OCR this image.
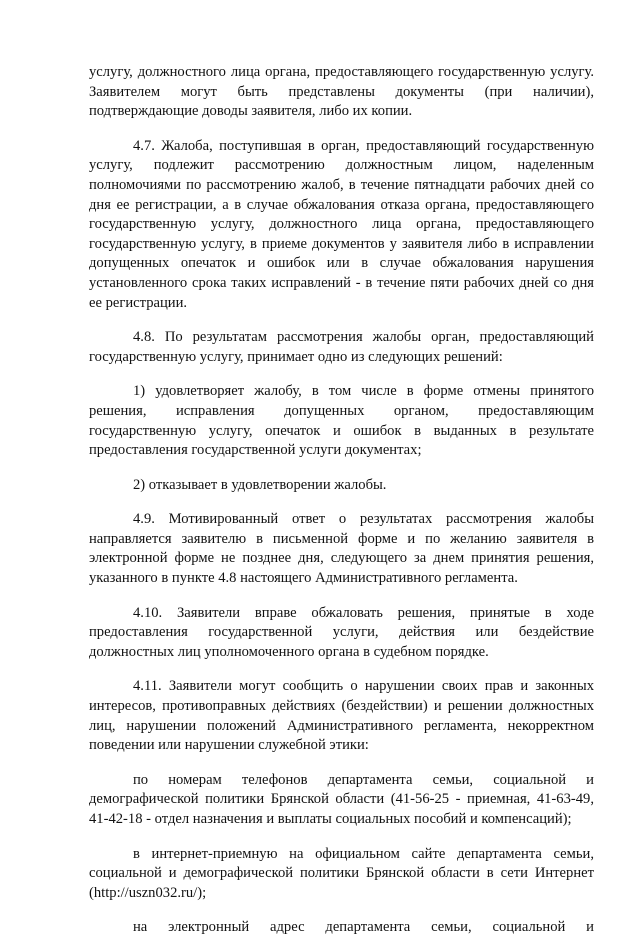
услугу, должностного лица органа, предоставляющего государственную услугу. Заявителем могут быть представлены документы (при наличии), подтверждающие доводы заявителя, либо их копии.

4.7. Жалоба, поступившая в орган, предоставляющий государственную услугу, подлежит рассмотрению должностным лицом, наделенным полномочиями по рассмотрению жалоб, в течение пятнадцати рабочих дней со дня ее регистрации, а в случае обжалования отказа органа, предоставляющего государственную услугу, должностного лица органа, предоставляющего государственную услугу, в приеме документов у заявителя либо в исправлении допущенных опечаток и ошибок или в случае обжалования нарушения установленного срока таких исправлений - в течение пяти рабочих дней со дня ее регистрации.

4.8. По результатам рассмотрения жалобы орган, предоставляющий государственную услугу, принимает одно из следующих решений:

1) удовлетворяет жалобу, в том числе в форме отмены принятого решения, исправления допущенных органом, предоставляющим государственную услугу, опечаток и ошибок в выданных в результате предоставления государственной услуги документах;

2) отказывает в удовлетворении жалобы.

4.9. Мотивированный ответ о результатах рассмотрения жалобы направляется заявителю в письменной форме и по желанию заявителя в электронной форме не позднее дня, следующего за днем принятия решения, указанного в пункте 4.8 настоящего Административного регламента.

4.10. Заявители вправе обжаловать решения, принятые в ходе предоставления государственной услуги, действия или бездействие должностных лиц уполномоченного органа в судебном порядке.

4.11. Заявители могут сообщить о нарушении своих прав и законных интересов, противоправных действиях (бездействии) и решении должностных лиц, нарушении положений Административного регламента, некорректном поведении или нарушении служебной этики:

по номерам телефонов департамента семьи, социальной и демографической политики Брянской области (41-56-25 - приемная, 41-63-49, 41-42-18 - отдел назначения и выплаты социальных пособий и компенсаций);

в интернет-приемную на официальном сайте департамента семьи, социальной и демографической политики Брянской области в сети Интернет (http://uszn032.ru/);

на электронный адрес департамента семьи, социальной и
